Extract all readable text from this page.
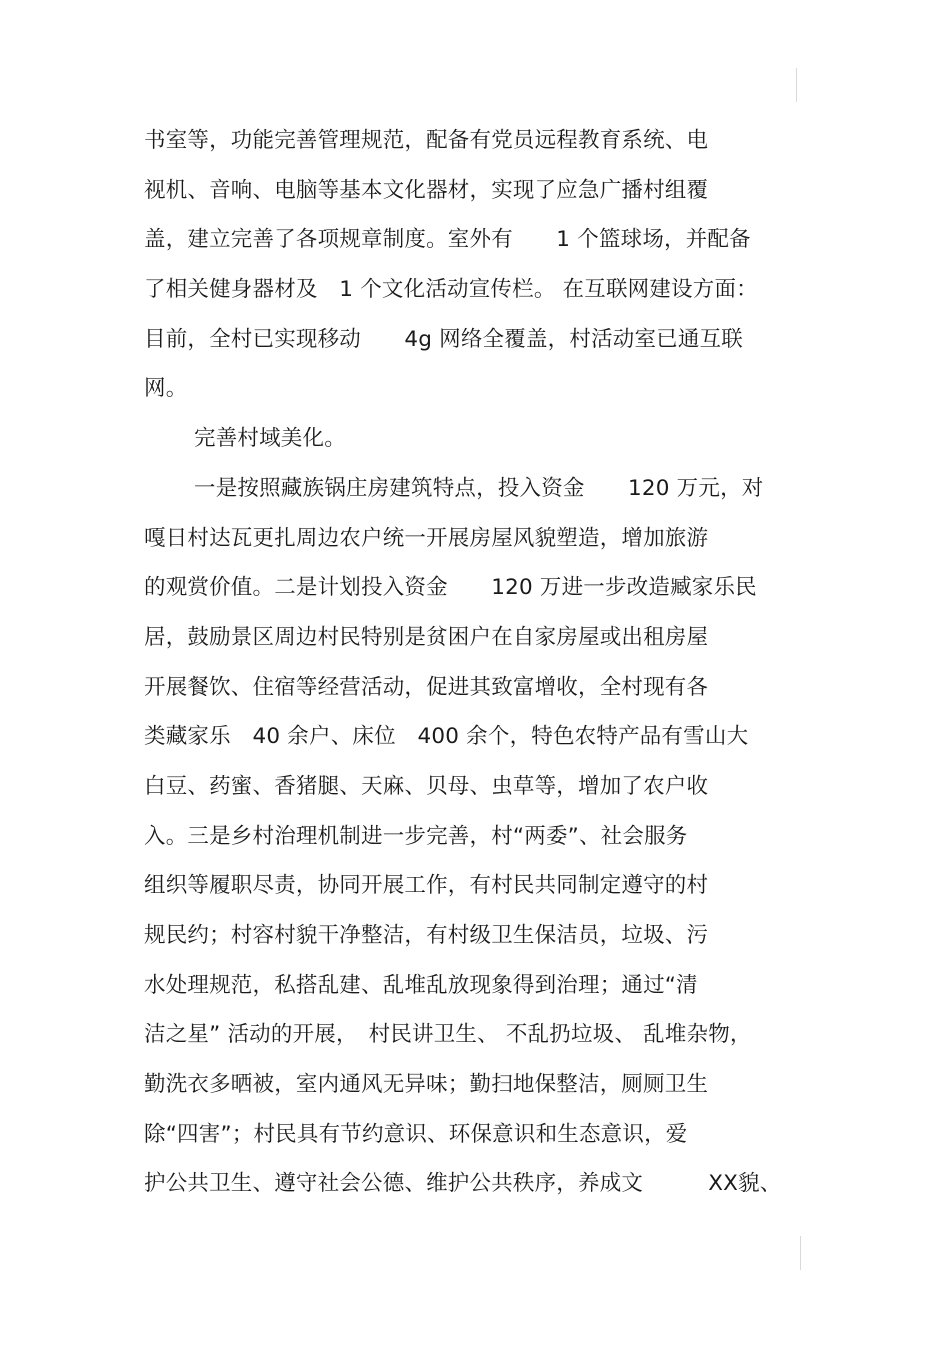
书室等，功能完善管理规范，配备有党员远程教育系统、电
视机、音响、电脑等基本文化器材，实现了应急广播村组覆
盖，建立完善了各项规章制度。室外有　　1 个篮球场，并配备
了相关健身器材及　1 个文化活动宣传栏。 在互联网建设方面：
目前，全村已实现移动　　4g 网络全覆盖，村活动室已通互联
网。
完善村域美化。
一是按照藏族锅庄房建筑特点，投入资金　　120 万元，对
嘎日村达瓦更扎周边农户统一开展房屋风貌塑造，增加旅游
的观赏价值。二是计划投入资金　　120 万进一步改造臧家乐民
居，鼓励景区周边村民特别是贫困户在自家房屋或出租房屋
开展餐饮、住宿等经营活动，促进其致富增收，全村现有各
类藏家乐　40 余户、床位　400 余个，特色农特产品有雪山大
白豆、药蜜、香猪腿、天麻、贝母、虫草等，增加了农户收
入。三是乡村治理机制进一步完善，村“两委”、社会服务
组织等履职尽责，协同开展工作，有村民共同制定遵守的村
规民约；村容村貌干净整洁，有村级卫生保洁员，垃圾、污
水处理规范，私搭乱建、乱堆乱放现象得到治理；通过“清
洁之星” 活动的开展，　村民讲卫生、 不乱扔垃圾、 乱堆杂物，
勤洗衣多晒被，室内通风无异味；勤扫地保整洁，厕厕卫生
除“四害”；村民具有节约意识、环保意识和生态意识，爱
护公共卫生、遵守社会公德、维护公共秩序，养成文　　　XX貌、
